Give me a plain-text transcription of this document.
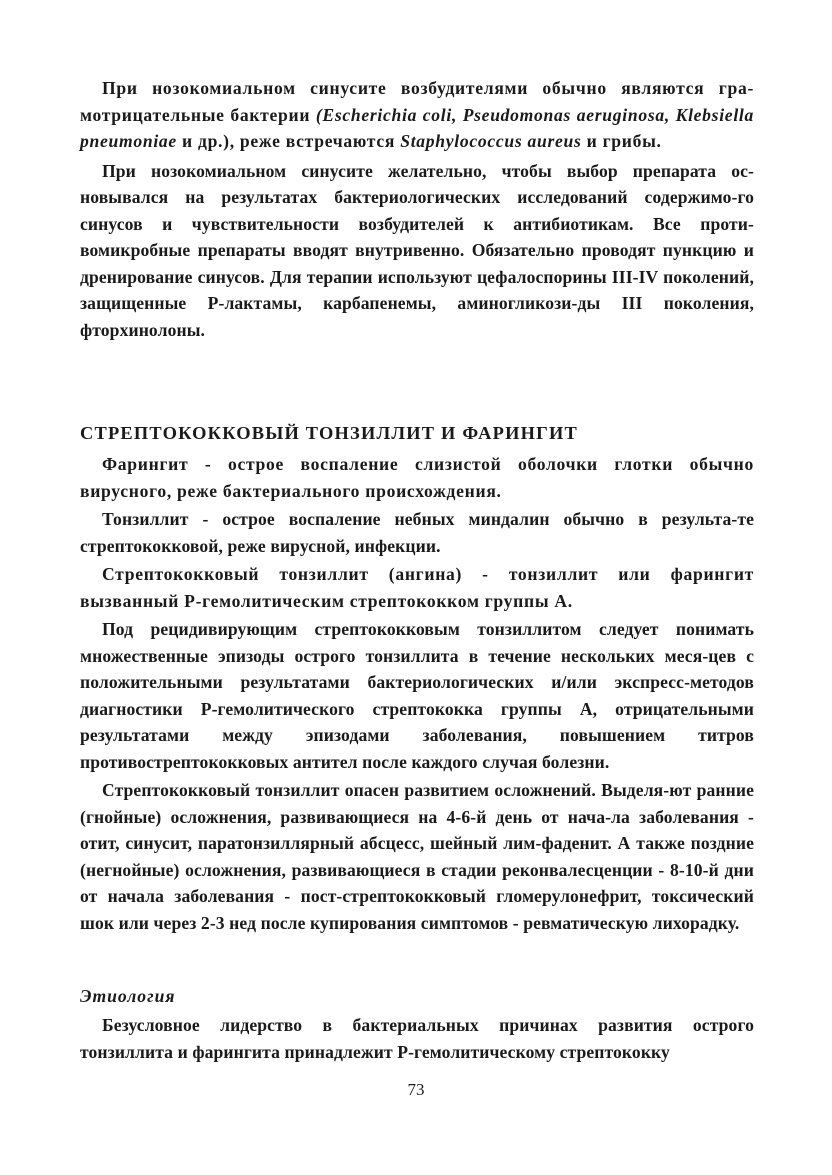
При нозокомиальном синусите возбудителями обычно являются гра-мотрицательные бактерии (Escherichia coli, Pseudomonas aeruginosa, Klebsiella pneumoniae и др.), реже встречаются Staphylococcus aureus и грибы.

При нозокомиальном синусите желательно, чтобы выбор препарата ос-новывался на результатах бактериологических исследований содержимо-го синусов и чувствительности возбудителей к антибиотикам. Все проти-вомикробные препараты вводят внутривенно. Обязательно проводят пункцию и дренирование синусов. Для терапии используют цефалоспорины III-IV поколений, защищенные Р-лактамы, карбапенемы, аминогликози-ды III поколения, фторхинолоны.

СТРЕПТОКОККОВЫЙ ТОНЗИЛЛИТ И ФАРИНГИТ

Фарингит - острое воспаление слизистой оболочки глотки обычно вирусного, реже бактериального происхождения.

Тонзиллит - острое воспаление небных миндалин обычно в результа-те стрептококковой, реже вирусной, инфекции.

Стрептококковый тонзиллит (ангина) - тонзиллит или фарингит вызванный Р-гемолитическим стрептококком группы А.

Под рецидивирующим стрептококковым тонзиллитом следует понимать множественные эпизоды острого тонзиллита в течение нескольких меся-цев с положительными результатами бактериологических и/или экспресс-методов диагностики Р-гемолитического стрептококка группы А, отрицательными результатами между эпизодами заболевания, повышением титров противострептококковых антител после каждого случая болезни.

Стрептококковый тонзиллит опасен развитием осложнений. Выделя-ют ранние (гнойные) осложнения, развивающиеся на 4-6-й день от нача-ла заболевания - отит, синусит, паратонзиллярный абсцесс, шейный лим-фаденит. А также поздние (негнойные) осложнения, развивающиеся в стадии реконвалесценции - 8-10-й дни от начала заболевания - пост-стрептококковый гломерулонефрит, токсический шок или через 2-3 нед после купирования симптомов - ревматическую лихорадку.

Этиология

Безусловное лидерство в бактериальных причинах развития острого тонзиллита и фарингита принадлежит Р-гемолитическому стрептококку

73
